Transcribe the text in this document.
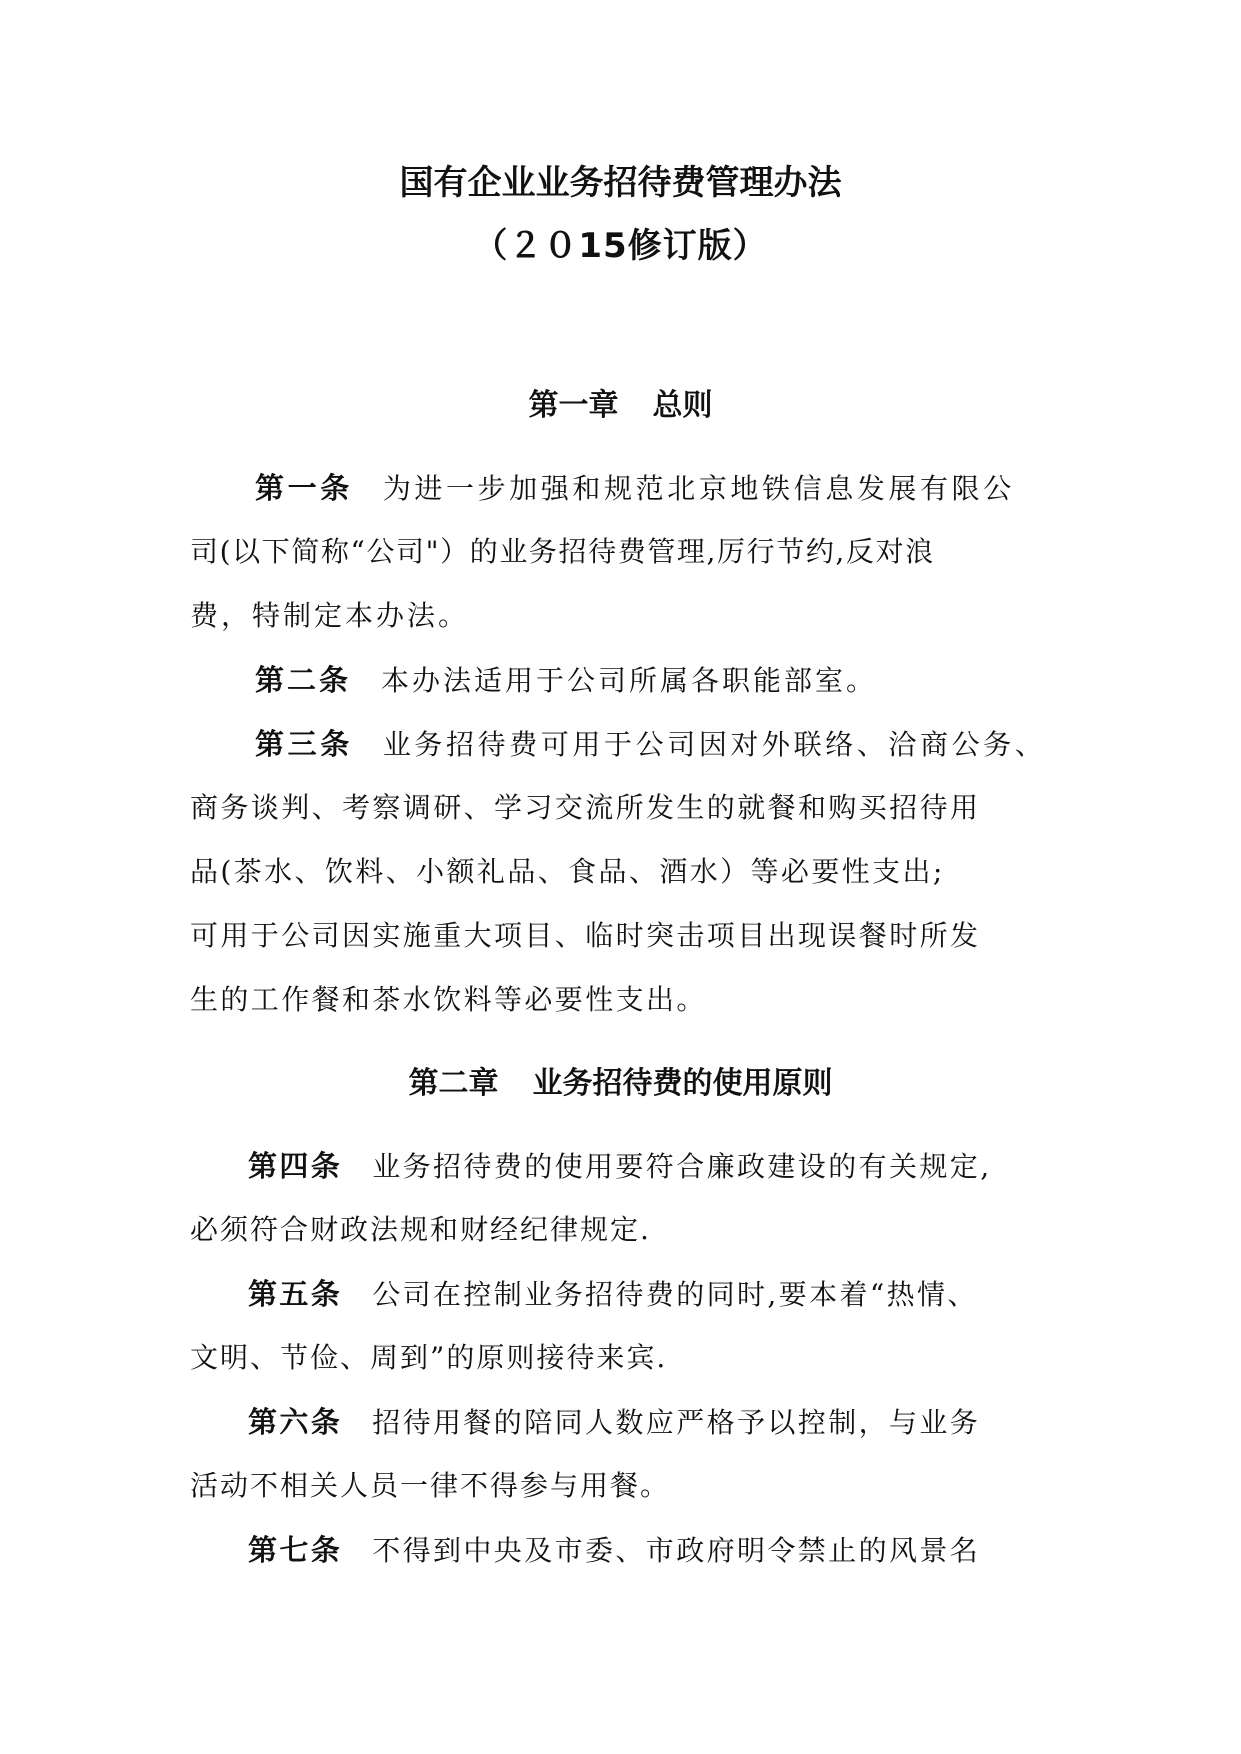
国有企业业务招待费管理办法
（２０15修订版）
第一章 总则
第一条 为进一步加强和规范北京地铁信息发展有限公
司(以下简称“公司"）的业务招待费管理,厉行节约,反对浪
费，特制定本办法。
第二条 本办法适用于公司所属各职能部室。
第三条 业务招待费可用于公司因对外联络、洽商公务、
商务谈判、考察调研、学习交流所发生的就餐和购买招待用
品(茶水、饮料、小额礼品、食品、酒水）等必要性支出;
可用于公司因实施重大项目、临时突击项目出现误餐时所发
生的工作餐和茶水饮料等必要性支出。
第二章 业务招待费的使用原则
第四条 业务招待费的使用要符合廉政建设的有关规定,
必须符合财政法规和财经纪律规定.
第五条 公司在控制业务招待费的同时,要本着“热情、
文明、节俭、周到”的原则接待来宾.
第六条 招待用餐的陪同人数应严格予以控制，与业务
活动不相关人员一律不得参与用餐。
第七条 不得到中央及市委、市政府明令禁止的风景名
